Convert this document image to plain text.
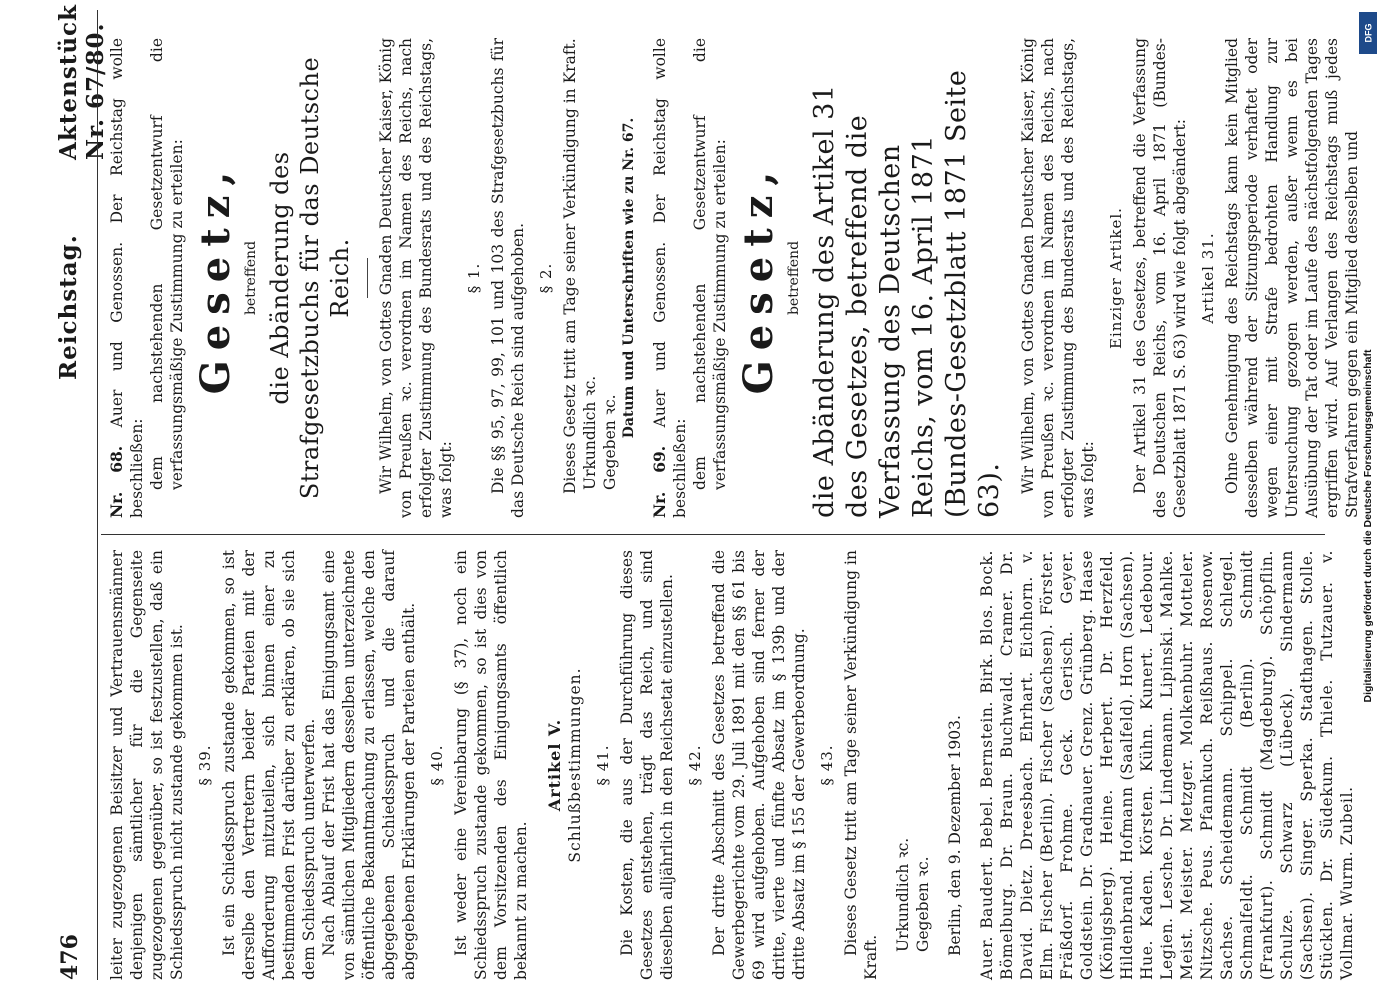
476
Reichstag.
Aktenstück Nr. 67/80.

leiter zugezogenen Beisitzer und Vertrauensmänner denjenigen sämtlicher für die Gegenseite zugezogenen gegenüber, so ist festzustellen, daß ein Schiedsspruch nicht zustande gekommen ist. § 39. Ist ein Schiedsspruch zustande gekommen, so ist derselbe den Vertretern beider Parteien mit der Aufforderung mitzuteilen, sich binnen einer zu bestimmenden Frist darüber zu erklären, ob sie sich dem Schiedsspruch unterwerfen. Nach Ablauf der Frist hat das Einigungsamt eine von sämtlichen Mitgliedern desselben unterzeichnete öffentliche Bekanntmachung zu erlassen, welche den abgegebenen Schiedsspruch und die darauf abgegebenen Erklärungen der Parteien enthält. § 40. Ist weder eine Vereinbarung (§ 37), noch ein Schiedsspruch zustande gekommen, so ist dies von dem Vorsitzenden des Einigungsamts öffentlich bekannt zu machen.

Artikel V. Schlußbestimmungen. § 41. Die Kosten, die aus der Durchführung dieses Gesetzes entstehen, trägt das Reich, und sind dieselben alljährlich in den Reichsetat einzustellen. § 42. Der dritte Abschnitt des Gesetzes betreffend die Gewerbegerichte vom 29. Juli 1891 mit den §§ 61 bis 69 wird aufgehoben. Aufgehoben sind ferner der dritte, vierte und fünfte Absatz im § 139b und der dritte Absatz im § 155 der Gewerbeordnung. § 43. Dieses Gesetz tritt am Tage seiner Verkündigung in Kraft.

Urkundlich ꝛc. Gegeben ꝛc. Berlin, den 9. Dezember 1903. Auer. Baudert. Bebel. Bernstein. Birk. Blos. Bock. Bömelburg. Dr. Braun. Buchwald. Cramer. Dr. David. Dietz. Dreesbach. Ehrhart. Eichhorn. v. Elm. Fischer (Berlin). Fischer (Sachsen). Förster. Fräßdorf. Frohme. Geck. Gerisch. Geyer. Goldstein. Dr. Gradnauer. Grenz. Grünberg. Haase (Königsberg). Heine. Herbert. Dr. Herzfeld. Hildenbrand. Hofmann (Saalfeld). Horn (Sachsen). Hue. Kaden. Körsten. Kühn. Kunert. Ledebour. Legien. Lesche. Dr. Lindemann. Lipinski. Mahlke. Meist. Meister. Metzger. Molkenbuhr. Motteler. Nitzsche. Peus. Pfannkuch. Reißhaus. Rosenow. Sachse. Scheidemann. Schippel. Schlegel. Schmalfeldt. Schmidt (Berlin). Schmidt (Frankfurt). Schmidt (Magdeburg). Schöpflin. Schulze. Schwarz (Lübeck). Sindermann (Sachsen). Singer. Sperka. Stadthagen. Stolle. Stücklen. Dr. Südekum. Thiele. Tutzauer. v. Vollmar. Wurm. Zubeil.

Nr. 68. Auer und Genossen. Der Reichstag wolle beschließen: dem nachstehenden Gesetzentwurf die verfassungsmäßige Zustimmung zu erteilen: Gesetz, betreffend die Abänderung des Strafgesetzbuchs für das Deutsche Reich. Wir Wilhelm, von Gottes Gnaden Deutscher Kaiser, König von Preußen ꝛc. verordnen im Namen des Reichs, nach erfolgter Zustimmung des Bundesrats und des Reichstags, was folgt:

§ 1. Die §§ 95, 97, 99, 101 und 103 des Strafgesetzbuchs für das Deutsche Reich sind aufgehoben. § 2. Dieses Gesetz tritt am Tage seiner Verkündigung in Kraft. Urkundlich ꝛc. Gegeben ꝛc.

Datum und Unterschriften wie zu Nr. 67.

Nr. 69. Auer und Genossen. Der Reichstag wolle beschließen: dem nachstehenden Gesetzentwurf die verfassungsmäßige Zustimmung zu erteilen: Gesetz, betreffend die Abänderung des Artikel 31 des Gesetzes, betreffend die Verfassung des Deutschen Reichs, vom 16. April 1871 (Bundes-Gesetzblatt 1871 Seite 63). Wir Wilhelm, von Gottes Gnaden Deutscher Kaiser, König von Preußen ꝛc. verordnen im Namen des Reichs, nach erfolgter Zustimmung des Bundesrats und des Reichstags, was folgt:

Einziger Artikel. Der Artikel 31 des Gesetzes, betreffend die Verfassung des Deutschen Reichs, vom 16. April 1871 (Bundes-Gesetzblatt 1871 S. 63) wird wie folgt abgeändert: Artikel 31. Ohne Genehmigung des Reichstags kann kein Mitglied desselben während der Sitzungsperiode verhaftet oder wegen einer mit Strafe bedrohten Handlung zur Untersuchung gezogen werden, außer wenn es bei Ausübung der Tat oder im Laufe des nächstfolgenden Tages ergriffen wird. Auf Verlangen des Reichstags muß jedes Strafverfahren gegen ein Mitglied desselben und

DFG
Digitalisierung gefördert durch die Deutsche Forschungsgemeinschaft
